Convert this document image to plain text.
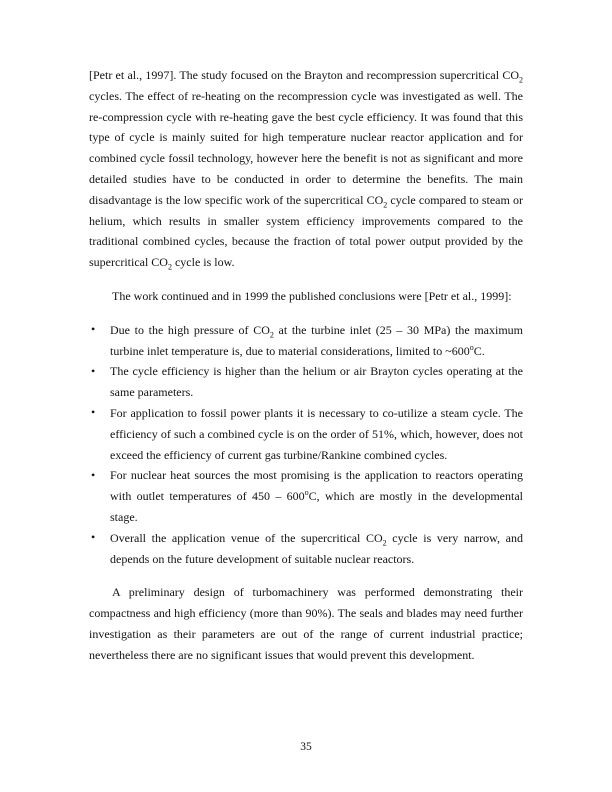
[Petr et al., 1997]. The study focused on the Brayton and recompression supercritical $CO_2$ cycles. The effect of re-heating on the recompression cycle was investigated as well. The re-compression cycle with re-heating gave the best cycle efficiency. It was found that this type of cycle is mainly suited for high temperature nuclear reactor application and for combined cycle fossil technology, however here the benefit is not as significant and more detailed studies have to be conducted in order to determine the benefits. The main disadvantage is the low specific work of the supercritical $CO_2$ cycle compared to steam or helium, which results in smaller system efficiency improvements compared to the traditional combined cycles, because the fraction of total power output provided by the supercritical $CO_2$ cycle is low.

The work continued and in 1999 the published conclusions were [Petr et al., 1999]:

• Due to the high pressure of $CO_2$ at the turbine inlet (25 – 30 MPa) the maximum turbine inlet temperature is, due to material considerations, limited to ~600$^o$C.
• The cycle efficiency is higher than the helium or air Brayton cycles operating at the same parameters.
• For application to fossil power plants it is necessary to co-utilize a steam cycle. The efficiency of such a combined cycle is on the order of 51%, which, however, does not exceed the efficiency of current gas turbine/Rankine combined cycles.
• For nuclear heat sources the most promising is the application to reactors operating with outlet temperatures of 450 – 600$^o$C, which are mostly in the developmental stage.
• Overall the application venue of the supercritical $CO_2$ cycle is very narrow, and depends on the future development of suitable nuclear reactors.

A preliminary design of turbomachinery was performed demonstrating their compactness and high efficiency (more than 90%). The seals and blades may need further investigation as their parameters are out of the range of current industrial practice; nevertheless there are no significant issues that would prevent this development.

35
